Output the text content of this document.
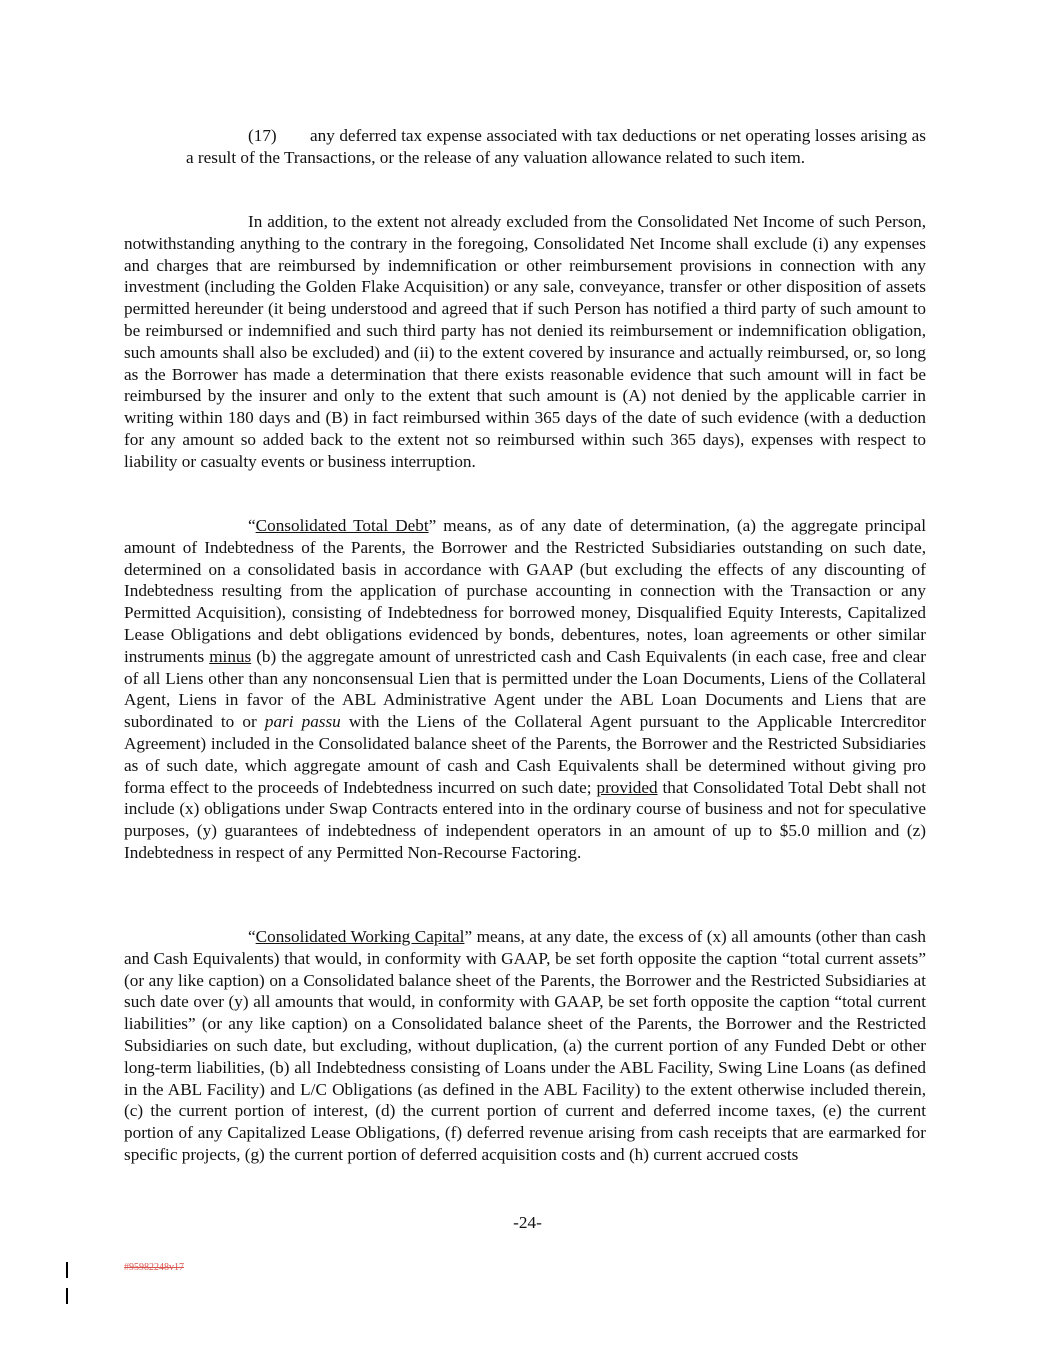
(17) any deferred tax expense associated with tax deductions or net operating losses arising as a result of the Transactions, or the release of any valuation allowance related to such item.

In addition, to the extent not already excluded from the Consolidated Net Income of such Person, notwithstanding anything to the contrary in the foregoing, Consolidated Net Income shall exclude (i) any expenses and charges that are reimbursed by indemnification or other reimbursement provisions in connection with any investment (including the Golden Flake Acquisition) or any sale, conveyance, transfer or other disposition of assets permitted hereunder (it being understood and agreed that if such Person has notified a third party of such amount to be reimbursed or indemnified and such third party has not denied its reimbursement or indemnification obligation, such amounts shall also be excluded) and (ii) to the extent covered by insurance and actually reimbursed, or, so long as the Borrower has made a determination that there exists reasonable evidence that such amount will in fact be reimbursed by the insurer and only to the extent that such amount is (A) not denied by the applicable carrier in writing within 180 days and (B) in fact reimbursed within 365 days of the date of such evidence (with a deduction for any amount so added back to the extent not so reimbursed within such 365 days), expenses with respect to liability or casualty events or business interruption.

“Consolidated Total Debt” means, as of any date of determination, (a) the aggregate principal amount of Indebtedness of the Parents, the Borrower and the Restricted Subsidiaries outstanding on such date, determined on a consolidated basis in accordance with GAAP (but excluding the effects of any discounting of Indebtedness resulting from the application of purchase accounting in connection with the Transaction or any Permitted Acquisition), consisting of Indebtedness for borrowed money, Disqualified Equity Interests, Capitalized Lease Obligations and debt obligations evidenced by bonds, debentures, notes, loan agreements or other similar instruments minus (b) the aggregate amount of unrestricted cash and Cash Equivalents (in each case, free and clear of all Liens other than any nonconsensual Lien that is permitted under the Loan Documents, Liens of the Collateral Agent, Liens in favor of the ABL Administrative Agent under the ABL Loan Documents and Liens that are subordinated to or pari passu with the Liens of the Collateral Agent pursuant to the Applicable Intercreditor Agreement) included in the Consolidated balance sheet of the Parents, the Borrower and the Restricted Subsidiaries as of such date, which aggregate amount of cash and Cash Equivalents shall be determined without giving pro forma effect to the proceeds of Indebtedness incurred on such date; provided that Consolidated Total Debt shall not include (x) obligations under Swap Contracts entered into in the ordinary course of business and not for speculative purposes, (y) guarantees of indebtedness of independent operators in an amount of up to $5.0 million and (z) Indebtedness in respect of any Permitted Non-Recourse Factoring.

“Consolidated Working Capital” means, at any date, the excess of (x) all amounts (other than cash and Cash Equivalents) that would, in conformity with GAAP, be set forth opposite the caption “total current assets” (or any like caption) on a Consolidated balance sheet of the Parents, the Borrower and the Restricted Subsidiaries at such date over (y) all amounts that would, in conformity with GAAP, be set forth opposite the caption “total current liabilities” (or any like caption) on a Consolidated balance sheet of the Parents, the Borrower and the Restricted Subsidiaries on such date, but excluding, without duplication, (a) the current portion of any Funded Debt or other long-term liabilities, (b) all Indebtedness consisting of Loans under the ABL Facility, Swing Line Loans (as defined in the ABL Facility) and L/C Obligations (as defined in the ABL Facility) to the extent otherwise included therein, (c) the current portion of interest, (d) the current portion of current and deferred income taxes, (e) the current portion of any Capitalized Lease Obligations, (f) deferred revenue arising from cash receipts that are earmarked for specific projects, (g) the current portion of deferred acquisition costs and (h) current accrued costs

-24-
#95982248v17
